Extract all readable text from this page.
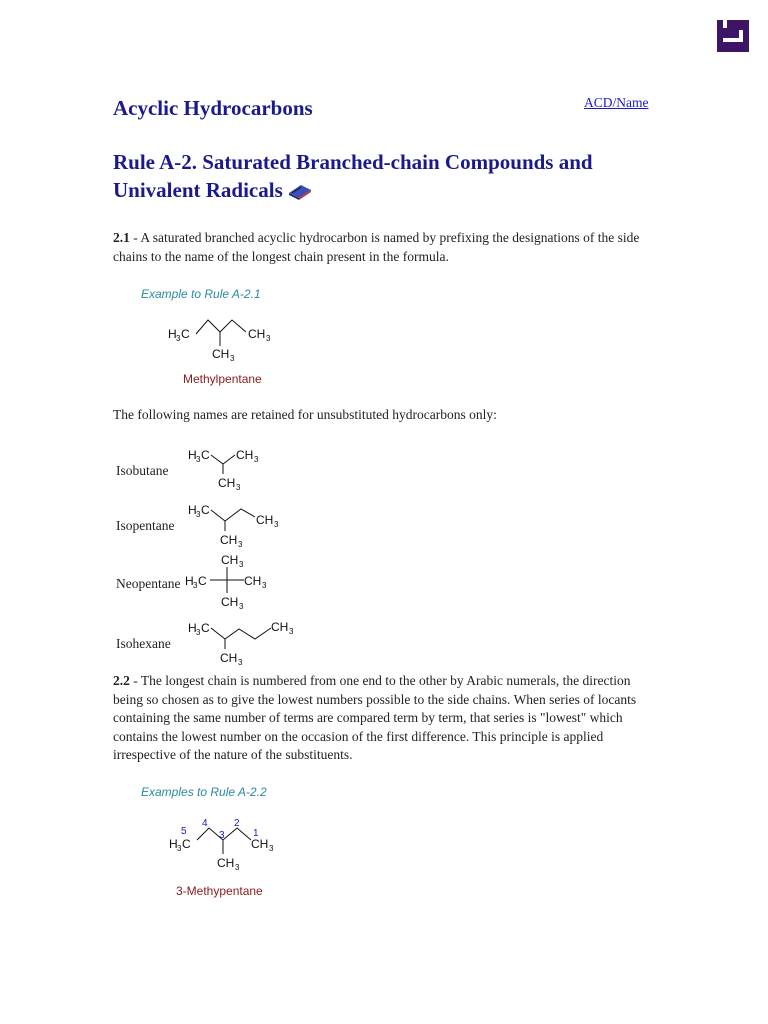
Acyclic Hydrocarbons	ACD/Name
Rule A-2. Saturated Branched-chain Compounds and Univalent Radicals

2.1 - A saturated branched acyclic hydrocarbon is named by prefixing the designations of the side chains to the name of the longest chain present in the formula.

Example to Rule A-2.1
H 3 C	CH 3
CH 3
Methylpentane

The following names are retained for unsubstituted hydrocarbons only:

Isobutane
H 3 C CH 3
CH 3
Isopentane
H 3 C
CH 3
CH 3
Neopentane
CH 3
H 3 C	CH 3
CH 3
Isohexane
H 3 C	CH 3
CH 3

2.2 - The longest chain is numbered from one end to the other by Arabic numerals, the direction being so chosen as to give the lowest numbers possible to the side chains. When series of locants containing the same number of terms are compared term by term, that series is "lowest" which contains the lowest number on the occasion of the first difference. This principle is applied irrespective of the nature of the substituents.

Examples to Rule A-2.2
5
4
3
2
1
H 3 C	CH 3
CH 3
3-Methypentane
